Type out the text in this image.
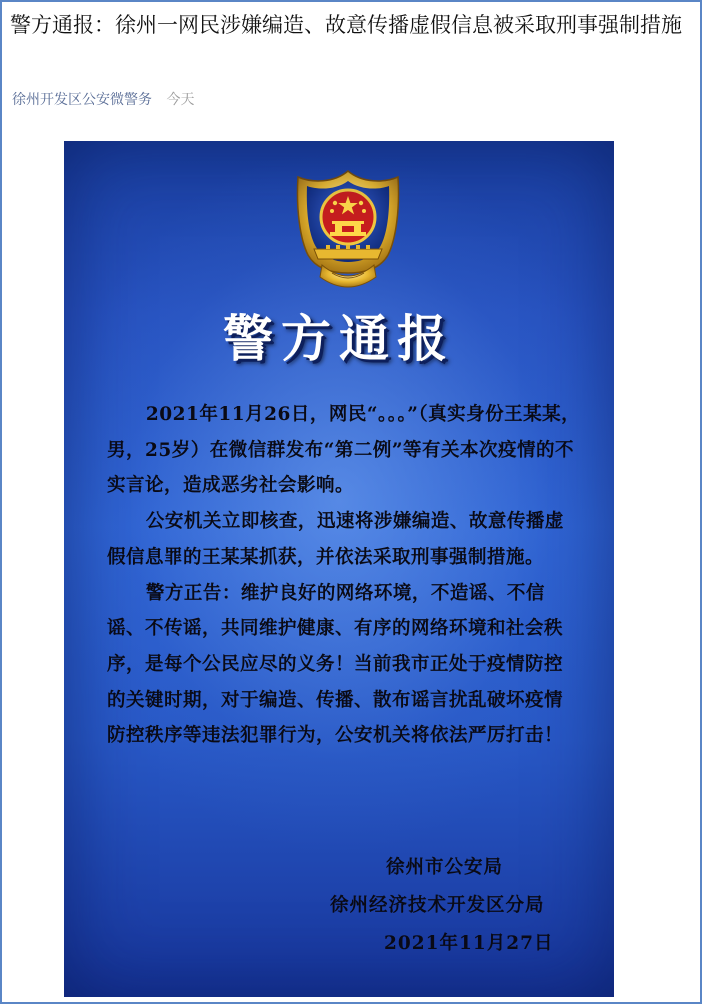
警方通报：徐州一网民涉嫌编造、故意传播虚假信息被采取刑事强制措施
徐州开发区公安微警务 今天
警方通报

2021年11月26日，网民“。。。”（真实身份王某某，男，25岁）在微信群发布“第二例”等有关本次疫情的不实言论，造成恶劣社会影响。

公安机关立即核查，迅速将涉嫌编造、故意传播虚假信息罪的王某某抓获，并依法采取刑事强制措施。

警方正告：维护良好的网络环境，不造谣、不信谣、不传谣，共同维护健康、有序的网络环境和社会秩序，是每个公民应尽的义务！当前我市正处于疫情防控的关键时期，对于编造、传播、散布谣言扰乱破坏疫情防控秩序等违法犯罪行为，公安机关将依法严厉打击！

徐州市公安局
徐州经济技术开发区分局
2021年11月27日
